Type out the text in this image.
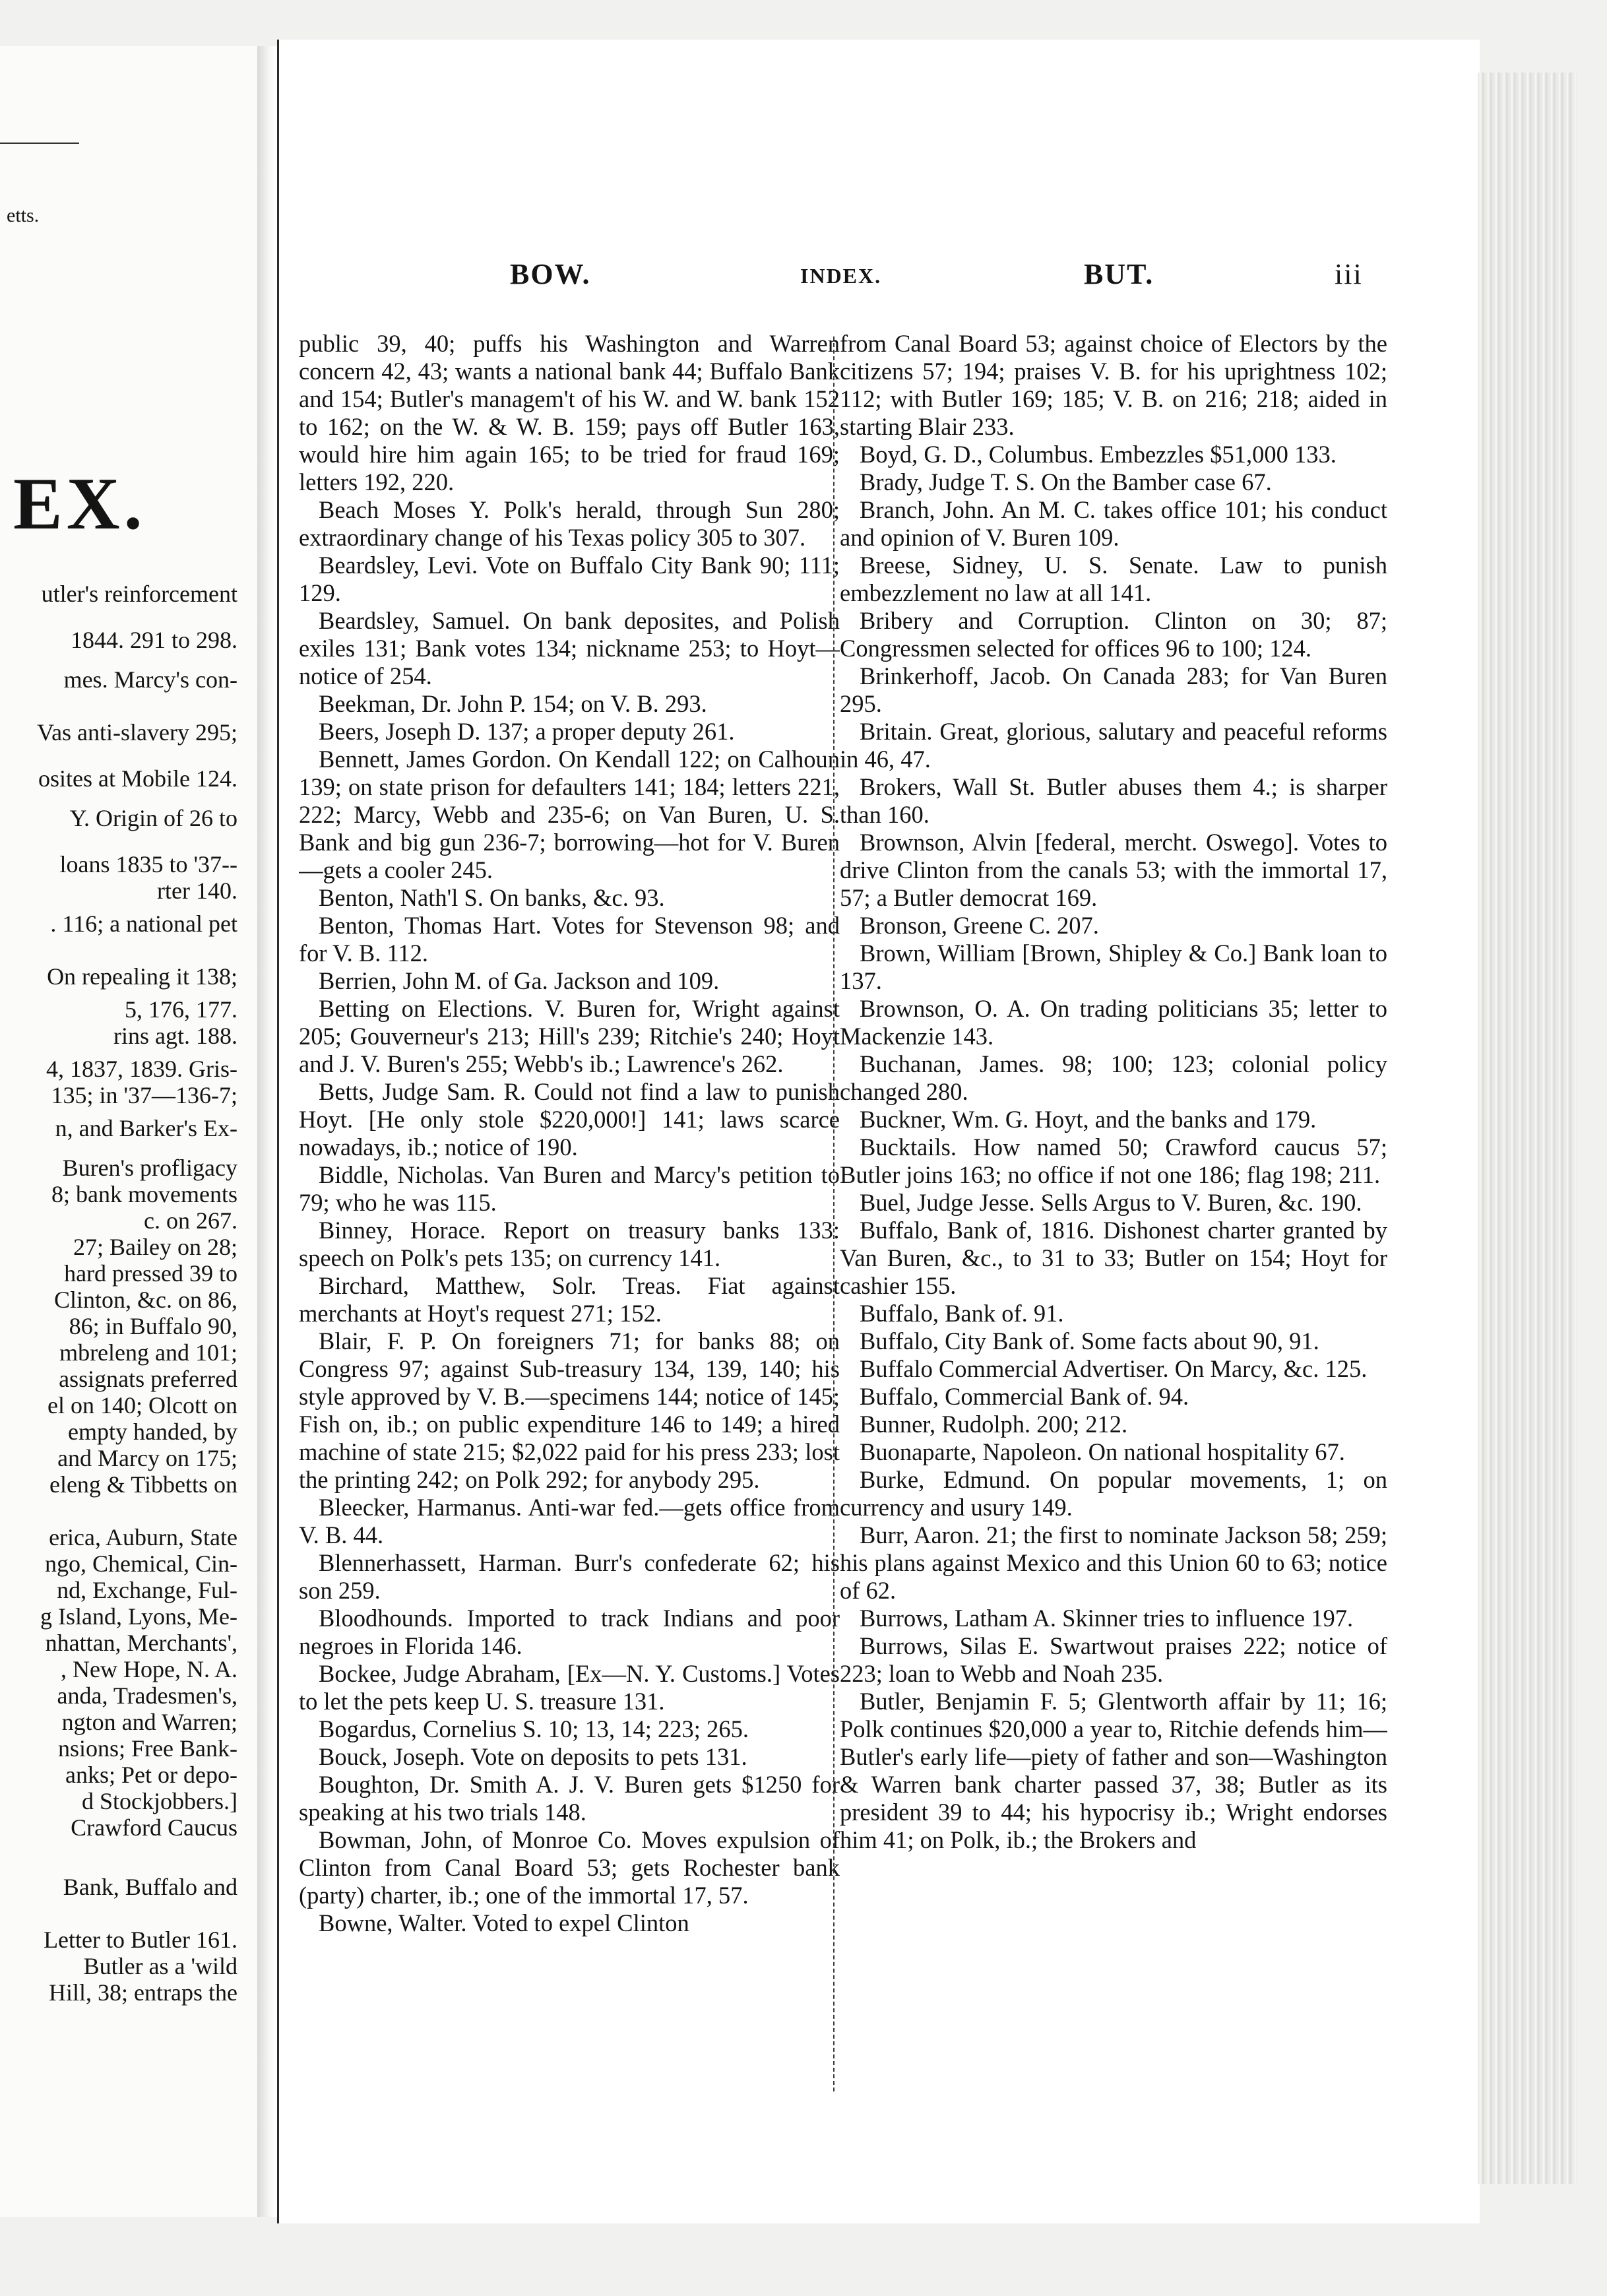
etts.
EX.
utler's reinforcement
1844. 291 to 298.
mes. Marcy's con-
Vas anti-slavery 295;
osites at Mobile 124.
Y. Origin of 26 to
loans 1835 to '37--
rter 140.
. 116; a national pet
On repealing it 138;
5, 176, 177.
rins agt. 188.
4, 1837, 1839. Gris-
135; in '37—136-7;
n, and Barker's Ex-
Buren's profligacy
8; bank movements
c. on 267.
27; Bailey on 28;
hard pressed 39 to
Clinton, &c. on 86,
86; in Buffalo 90,
mbreleng and 101;
assignats preferred
el on 140; Olcott on
empty handed, by
and Marcy on 175;
eleng & Tibbetts on
erica, Auburn, State
ngo, Chemical, Cin-
nd, Exchange, Ful-
g Island, Lyons, Me-
nhattan, Merchants',
, New Hope, N. A.
anda, Tradesmen's,
ngton and Warren;
nsions; Free Bank-
anks; Pet or depo-
d Stockjobbers.]
Crawford Caucus
Bank, Buffalo and
Letter to Butler 161.
Butler as a 'wild
Hill, 38; entraps the
BOW.	INDEX.	BUT.	iii

public 39, 40; puffs his Washington and Warren concern 42, 43; wants a national bank 44; Buffalo Bank and 154; Butler's managem't of his W. and W. bank 152 to 162; on the W. & W. B. 159; pays off Butler 163, would hire him again 165; to be tried for fraud 169; letters 192, 220.

Beach Moses Y. Polk's herald, through Sun 280; extraordinary change of his Texas policy 305 to 307.

Beardsley, Levi. Vote on Buffalo City Bank 90; 111; 129.

Beardsley, Samuel. On bank deposites, and Polish exiles 131; Bank votes 134; nickname 253; to Hoyt—notice of 254.

Beekman, Dr. John P. 154; on V. B. 293.

Beers, Joseph D. 137; a proper deputy 261.

Bennett, James Gordon. On Kendall 122; on Calhoun 139; on state prison for defaulters 141; 184; letters 221, 222; Marcy, Webb and 235-6; on Van Buren, U. S. Bank and big gun 236-7; borrowing—hot for V. Buren—gets a cooler 245.

Benton, Nath'l S. On banks, &c. 93.

Benton, Thomas Hart. Votes for Stevenson 98; and for V. B. 112.

Berrien, John M. of Ga. Jackson and 109.

Betting on Elections. V. Buren for, Wright against 205; Gouverneur's 213; Hill's 239; Ritchie's 240; Hoyt and J. V. Buren's 255; Webb's ib.; Lawrence's 262.

Betts, Judge Sam. R. Could not find a law to punish Hoyt. [He only stole $220,000!] 141; laws scarce nowadays, ib.; notice of 190.

Biddle, Nicholas. Van Buren and Marcy's petition to 79; who he was 115.

Binney, Horace. Report on treasury banks 133: speech on Polk's pets 135; on currency 141.

Birchard, Matthew, Solr. Treas. Fiat against merchants at Hoyt's request 271; 152.

Blair, F. P. On foreigners 71; for banks 88; on Congress 97; against Sub-treasury 134, 139, 140; his style approved by V. B.—specimens 144; notice of 145; Fish on, ib.; on public expenditure 146 to 149; a hired machine of state 215; $2,022 paid for his press 233; lost the printing 242; on Polk 292; for anybody 295.

Bleecker, Harmanus. Anti-war fed.—gets office from V. B. 44.

Blennerhassett, Harman. Burr's confederate 62; his son 259.

Bloodhounds. Imported to track Indians and poor negroes in Florida 146.

Bockee, Judge Abraham, [Ex—N. Y. Customs.] Votes to let the pets keep U. S. treasure 131.

Bogardus, Cornelius S. 10; 13, 14; 223; 265.

Bouck, Joseph. Vote on deposits to pets 131.

Boughton, Dr. Smith A. J. V. Buren gets $1250 for speaking at his two trials 148.

Bowman, John, of Monroe Co. Moves expulsion of Clinton from Canal Board 53; gets Rochester bank (party) charter, ib.; one of the immortal 17, 57.

Bowne, Walter. Voted to expel Clinton

from Canal Board 53; against choice of Electors by the citizens 57; 194; praises V. B. for his uprightness 102; 112; with Butler 169; 185; V. B. on 216; 218; aided in starting Blair 233.

Boyd, G. D., Columbus. Embezzles $51,000 133.

Brady, Judge T. S. On the Bamber case 67.

Branch, John. An M. C. takes office 101; his conduct and opinion of V. Buren 109.

Breese, Sidney, U. S. Senate. Law to punish embezzlement no law at all 141.

Bribery and Corruption. Clinton on 30; 87; Congressmen selected for offices 96 to 100; 124.

Brinkerhoff, Jacob. On Canada 283; for Van Buren 295.

Britain. Great, glorious, salutary and peaceful reforms in 46, 47.

Brokers, Wall St. Butler abuses them 4.; is sharper than 160.

Brownson, Alvin [federal, mercht. Oswego]. Votes to drive Clinton from the canals 53; with the immortal 17, 57; a Butler democrat 169.

Bronson, Greene C. 207.

Brown, William [Brown, Shipley & Co.] Bank loan to 137.

Brownson, O. A. On trading politicians 35; letter to Mackenzie 143.

Buchanan, James. 98; 100; 123; colonial policy changed 280.

Buckner, Wm. G. Hoyt, and the banks and 179.

Bucktails. How named 50; Crawford caucus 57; Butler joins 163; no office if not one 186; flag 198; 211.

Buel, Judge Jesse. Sells Argus to V. Buren, &c. 190.

Buffalo, Bank of, 1816. Dishonest charter granted by Van Buren, &c., to 31 to 33; Butler on 154; Hoyt for cashier 155.

Buffalo, Bank of. 91.

Buffalo, City Bank of. Some facts about 90, 91.

Buffalo Commercial Advertiser. On Marcy, &c. 125.

Buffalo, Commercial Bank of. 94.

Bunner, Rudolph. 200; 212.

Buonaparte, Napoleon. On national hospitality 67.

Burke, Edmund. On popular movements, 1; on currency and usury 149.

Burr, Aaron. 21; the first to nominate Jackson 58; 259; his plans against Mexico and this Union 60 to 63; notice of 62.

Burrows, Latham A. Skinner tries to influence 197.

Burrows, Silas E. Swartwout praises 222; notice of 223; loan to Webb and Noah 235.

Butler, Benjamin F. 5; Glentworth affair by 11; 16; Polk continues $20,000 a year to, Ritchie defends him—Butler's early life—piety of father and son—Washington & Warren bank charter passed 37, 38; Butler as its president 39 to 44; his hypocrisy ib.; Wright endorses him 41; on Polk, ib.; the Brokers and
